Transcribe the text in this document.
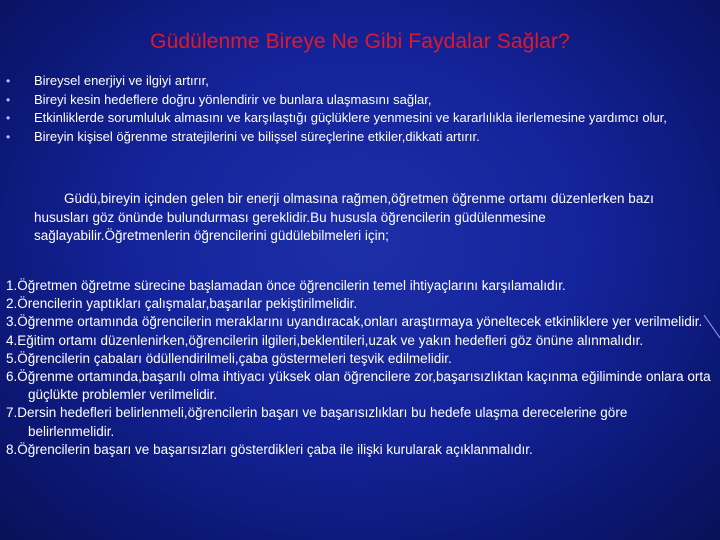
Güdülenme Bireye Ne Gibi Faydalar Sağlar?
• Bireysel enerjiyi ve ilgiyi artırır,
• Bireyi kesin hedeflere doğru yönlendirir ve bunlara ulaşmasını sağlar,
• Etkinliklerde sorumluluk almasını ve karşılaştığı güçlüklere yenmesini ve kararlılıkla ilerlemesine yardımcı olur,
• Bireyin kişisel öğrenme stratejilerini ve bilişsel süreçlerine etkiler,dikkati artırır.
Güdü,bireyin içinden gelen bir enerji olmasına rağmen,öğretmen öğrenme ortamı düzenlerken bazı hususları göz önünde bulundurması gereklidir.Bu hususla öğrencilerin güdülenmesine sağlayabilir.Öğretmenlerin öğrencilerini güdülebilmeleri için;
1.Öğretmen öğretme sürecine başlamadan önce öğrencilerin temel ihtiyaçlarını karşılamalıdır.
2.Örencilerin yaptıkları çalışmalar,başarılar pekiştirilmelidir.
3.Öğrenme ortamında öğrencilerin meraklarını uyandıracak,onları araştırmaya yöneltecek etkinliklere yer verilmelidir.
4.Eğitim ortamı düzenlenirken,öğrencilerin ilgileri,beklentileri,uzak ve yakın hedefleri göz önüne alınmalıdır.
5.Öğrencilerin çabaları ödüllendirilmeli,çaba göstermeleri teşvik edilmelidir.
6.Öğrenme ortamında,başarılı olma ihtiyacı yüksek olan öğrencilere zor,başarısızlıktan kaçınma eğiliminde onlara orta güçlükte problemler verilmelidir.
7.Dersin hedefleri belirlenmeli,öğrencilerin başarı ve başarısızlıkları bu hedefe ulaşma derecelerine göre belirlenmelidir.
8.Öğrencilerin başarı ve başarısızları gösterdikleri çaba ile ilişki kurularak açıklanmalıdır.
